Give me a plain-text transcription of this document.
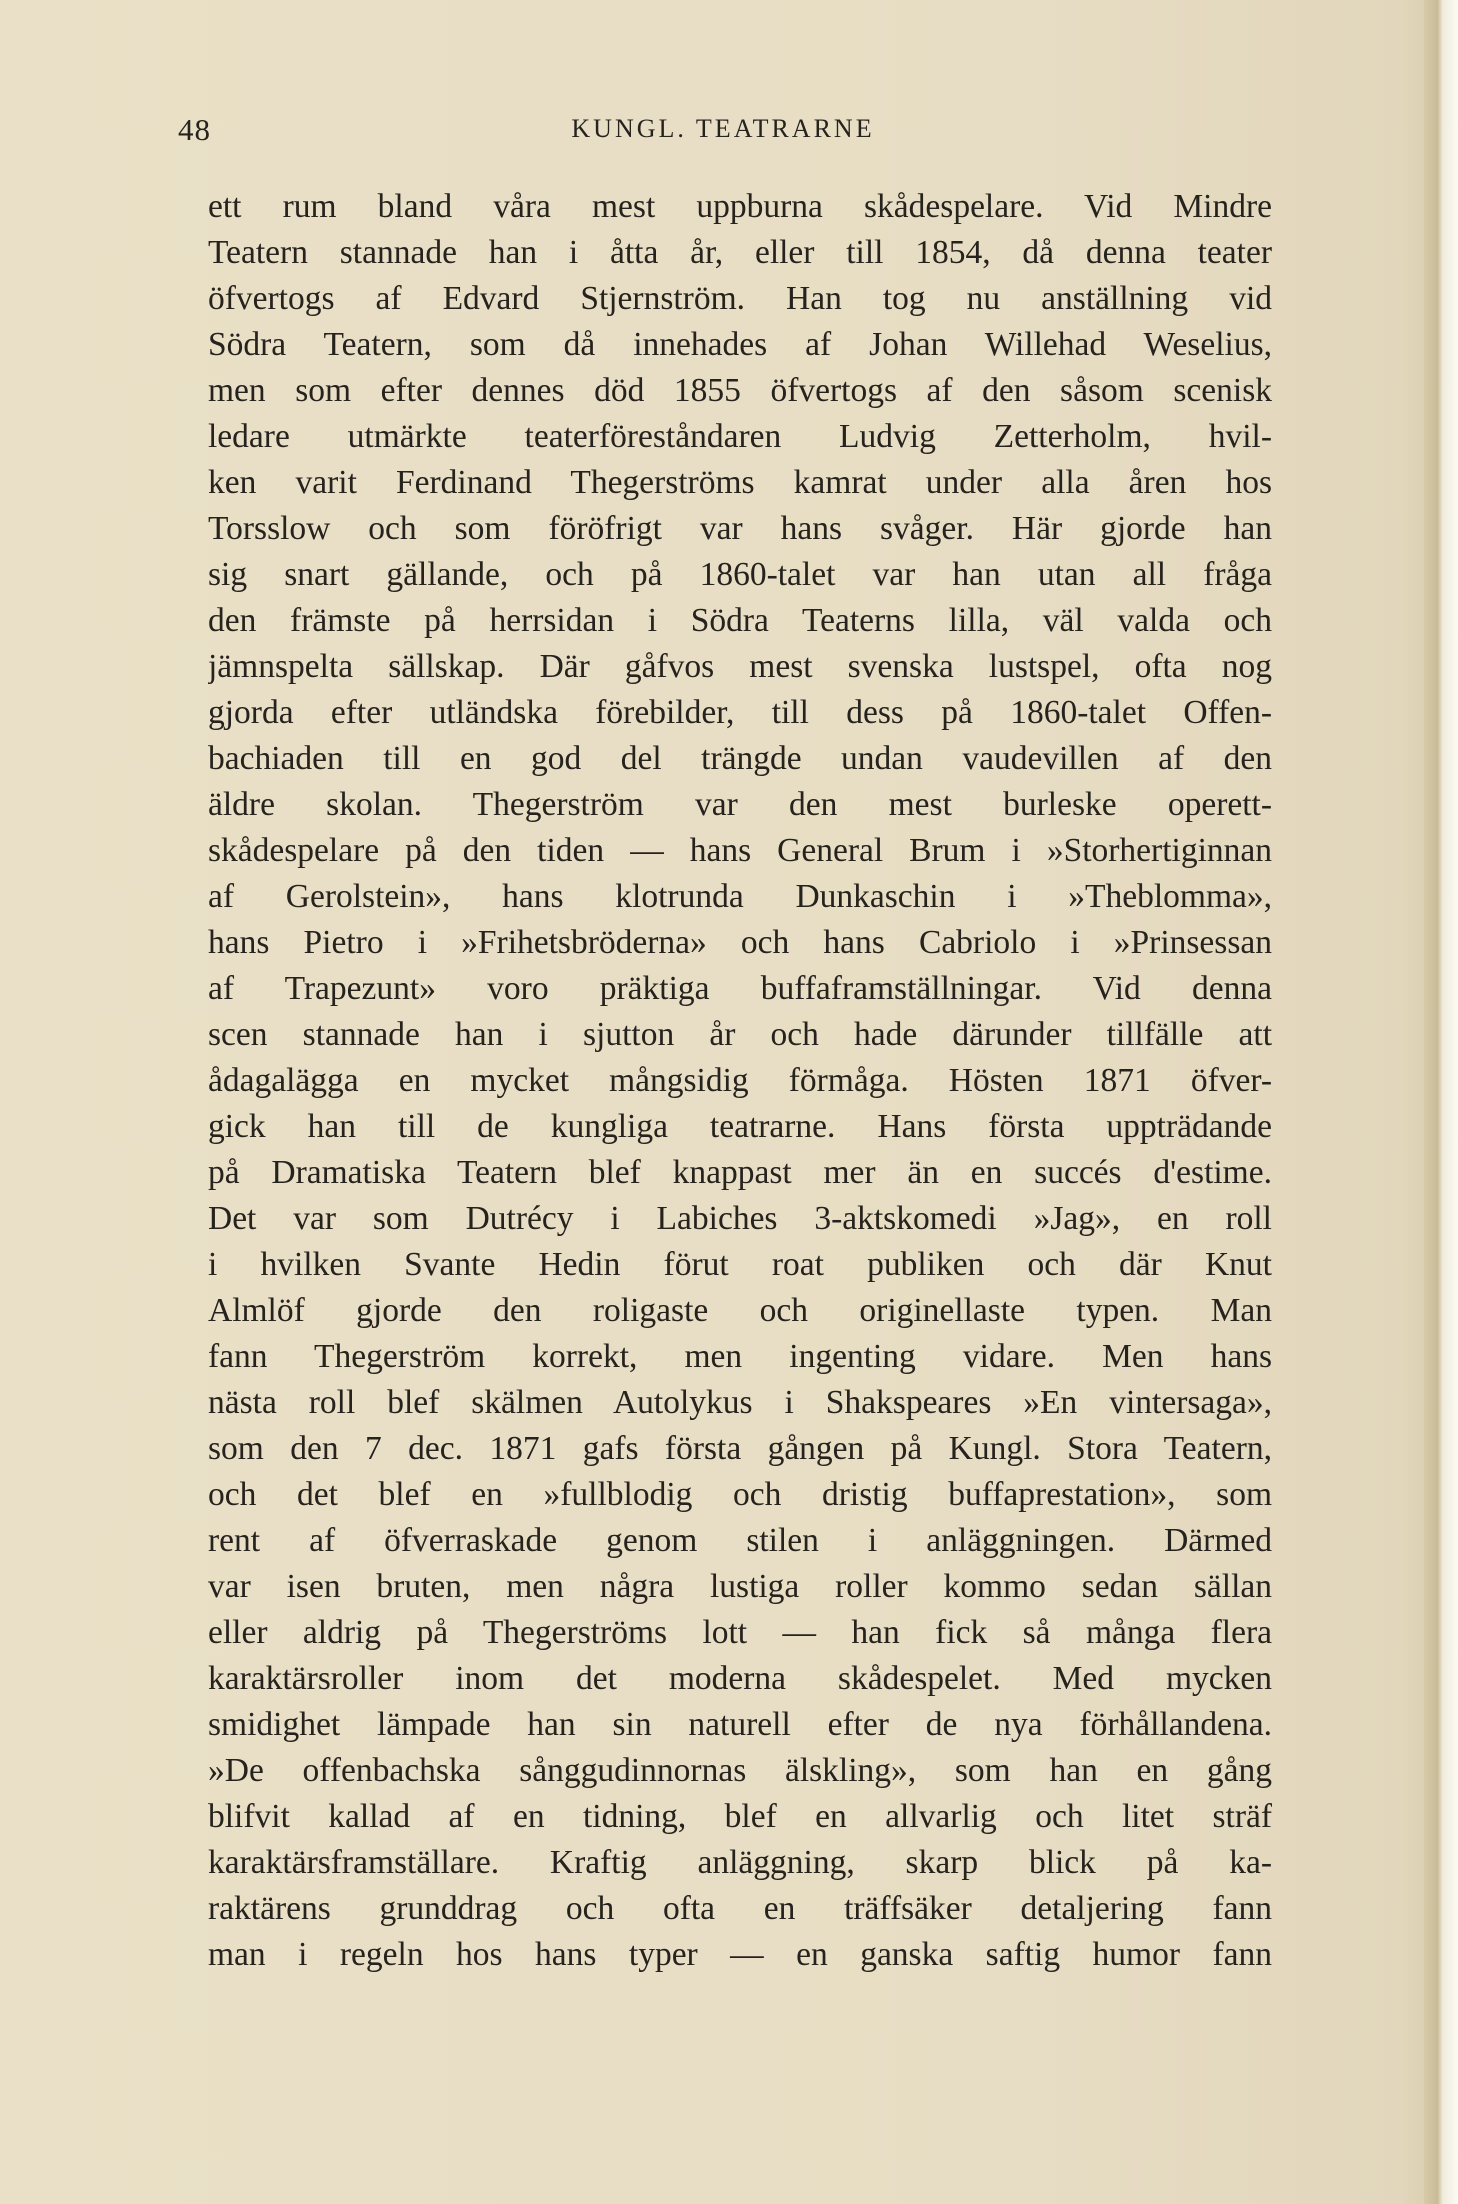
48	KUNGL. TEATRARNE
ett rum bland våra mest uppburna skådespelare. Vid Mindre
Teatern stannade han i åtta år, eller till 1854, då denna teater
öfvertogs af Edvard Stjernström. Han tog nu anställning vid
Södra Teatern, som då innehades af Johan Willehad Weselius,
men som efter dennes död 1855 öfvertogs af den såsom scenisk
ledare utmärkte teaterföreståndaren Ludvig Zetterholm, hvil-
ken varit Ferdinand Thegerströms kamrat under alla åren hos
Torsslow och som föröfrigt var hans svåger. Här gjorde han
sig snart gällande, och på 1860-talet var han utan all fråga
den främste på herrsidan i Södra Teaterns lilla, väl valda och
jämnspelta sällskap. Där gåfvos mest svenska lustspel, ofta nog
gjorda efter utländska förebilder, till dess på 1860-talet Offen-
bachiaden till en god del trängde undan vaudevillen af den
äldre skolan. Thegerström var den mest burleske operett-
skådespelare på den tiden — hans General Brum i »Storhertiginnan
af Gerolstein», hans klotrunda Dunkaschin i »Theblomma»,
hans Pietro i »Frihetsbröderna» och hans Cabriolo i »Prinsessan
af Trapezunt» voro präktiga buffaframställningar. Vid denna
scen stannade han i sjutton år och hade därunder tillfälle att
ådagalägga en mycket mångsidig förmåga. Hösten 1871 öfver-
gick han till de kungliga teatrarne. Hans första uppträdande
på Dramatiska Teatern blef knappast mer än en succés d'estime.
Det var som Dutrécy i Labiches 3-aktskomedi »Jag», en roll
i hvilken Svante Hedin förut roat publiken och där Knut
Almlöf gjorde den roligaste och originellaste typen. Man
fann Thegerström korrekt, men ingenting vidare. Men hans
nästa roll blef skälmen Autolykus i Shakspeares »En vintersaga»,
som den 7 dec. 1871 gafs första gången på Kungl. Stora Teatern,
och det blef en »fullblodig och dristig buffaprestation», som
rent af öfverraskade genom stilen i anläggningen. Därmed
var isen bruten, men några lustiga roller kommo sedan sällan
eller aldrig på Thegerströms lott — han fick så många flera
karaktärsroller inom det moderna skådespelet. Med mycken
smidighet lämpade han sin naturell efter de nya förhållandena.
»De offenbachska sånggudinnornas älskling», som han en gång
blifvit kallad af en tidning, blef en allvarlig och litet sträf
karaktärsframställare. Kraftig anläggning, skarp blick på ka-
raktärens grunddrag och ofta en träffsäker detaljering fann
man i regeln hos hans typer — en ganska saftig humor fann
